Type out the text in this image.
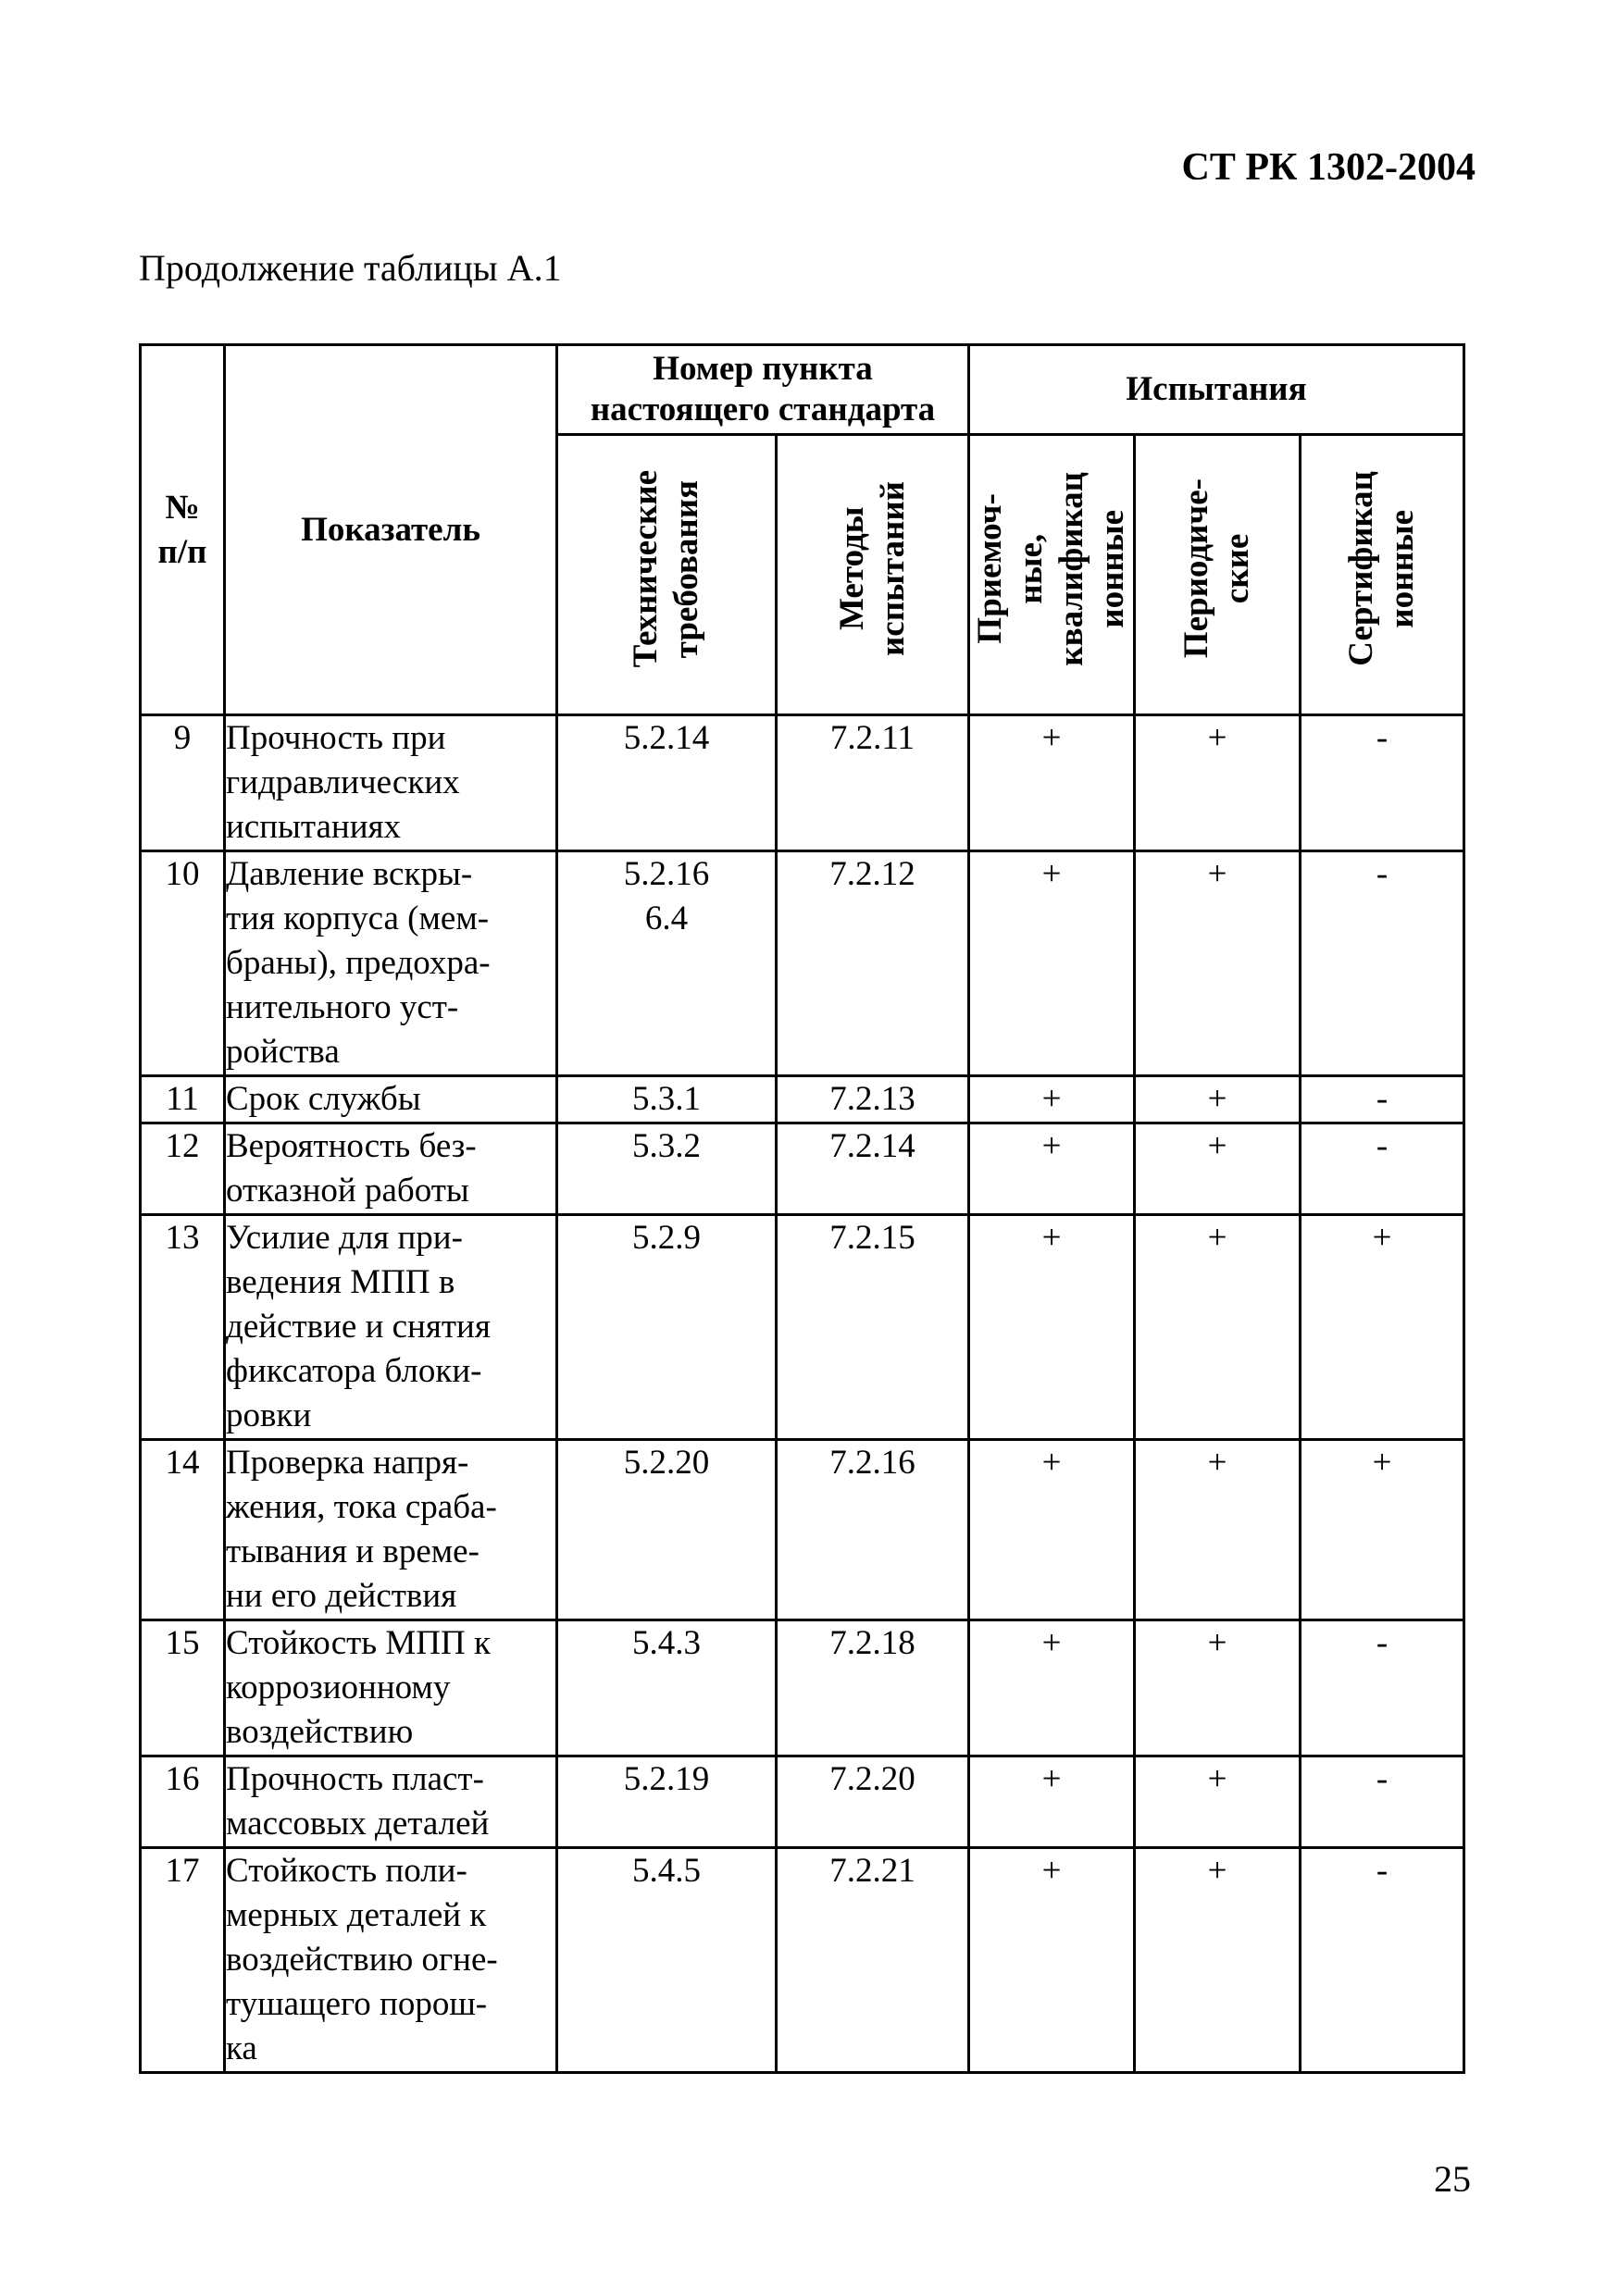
СТ РК 1302-2004
Продолжение таблицы А.1
№
п/п	Показатель	Номер пункта
настоящего стандарта		Испытания		

		Технические требования	Методы испытаний	Приемоч- ные, квалификац ионные	Периодиче- ские	Сертификац ионные

9	Прочность при
гидравлических
испытаниях	5.2.14	7.2.11	+	+	-
10	Давление вскры-
тия корпуса (мем-
браны), предохра-
нительного уст-
ройства	5.2.16
6.4	7.2.12	+	+	-
11	Срок службы	5.3.1	7.2.13	+	+	-
12	Вероятность без-
отказной работы	5.3.2	7.2.14	+	+	-
13	Усилие для при-
ведения МПП в
действие и снятия
фиксатора блоки-
ровки	5.2.9	7.2.15	+	+	+
14	Проверка напря-
жения, тока сраба-
тывания и време-
ни его действия	5.2.20	7.2.16	+	+	+
15	Стойкость МПП к
коррозионному
воздействию	5.4.3	7.2.18	+	+	-
16	Прочность пласт-
массовых деталей	5.2.19	7.2.20	+	+	-
17	Стойкость поли-
мерных деталей к
воздействию огне-
тушащего порош-
ка	5.4.5	7.2.21	+	+	-
25
